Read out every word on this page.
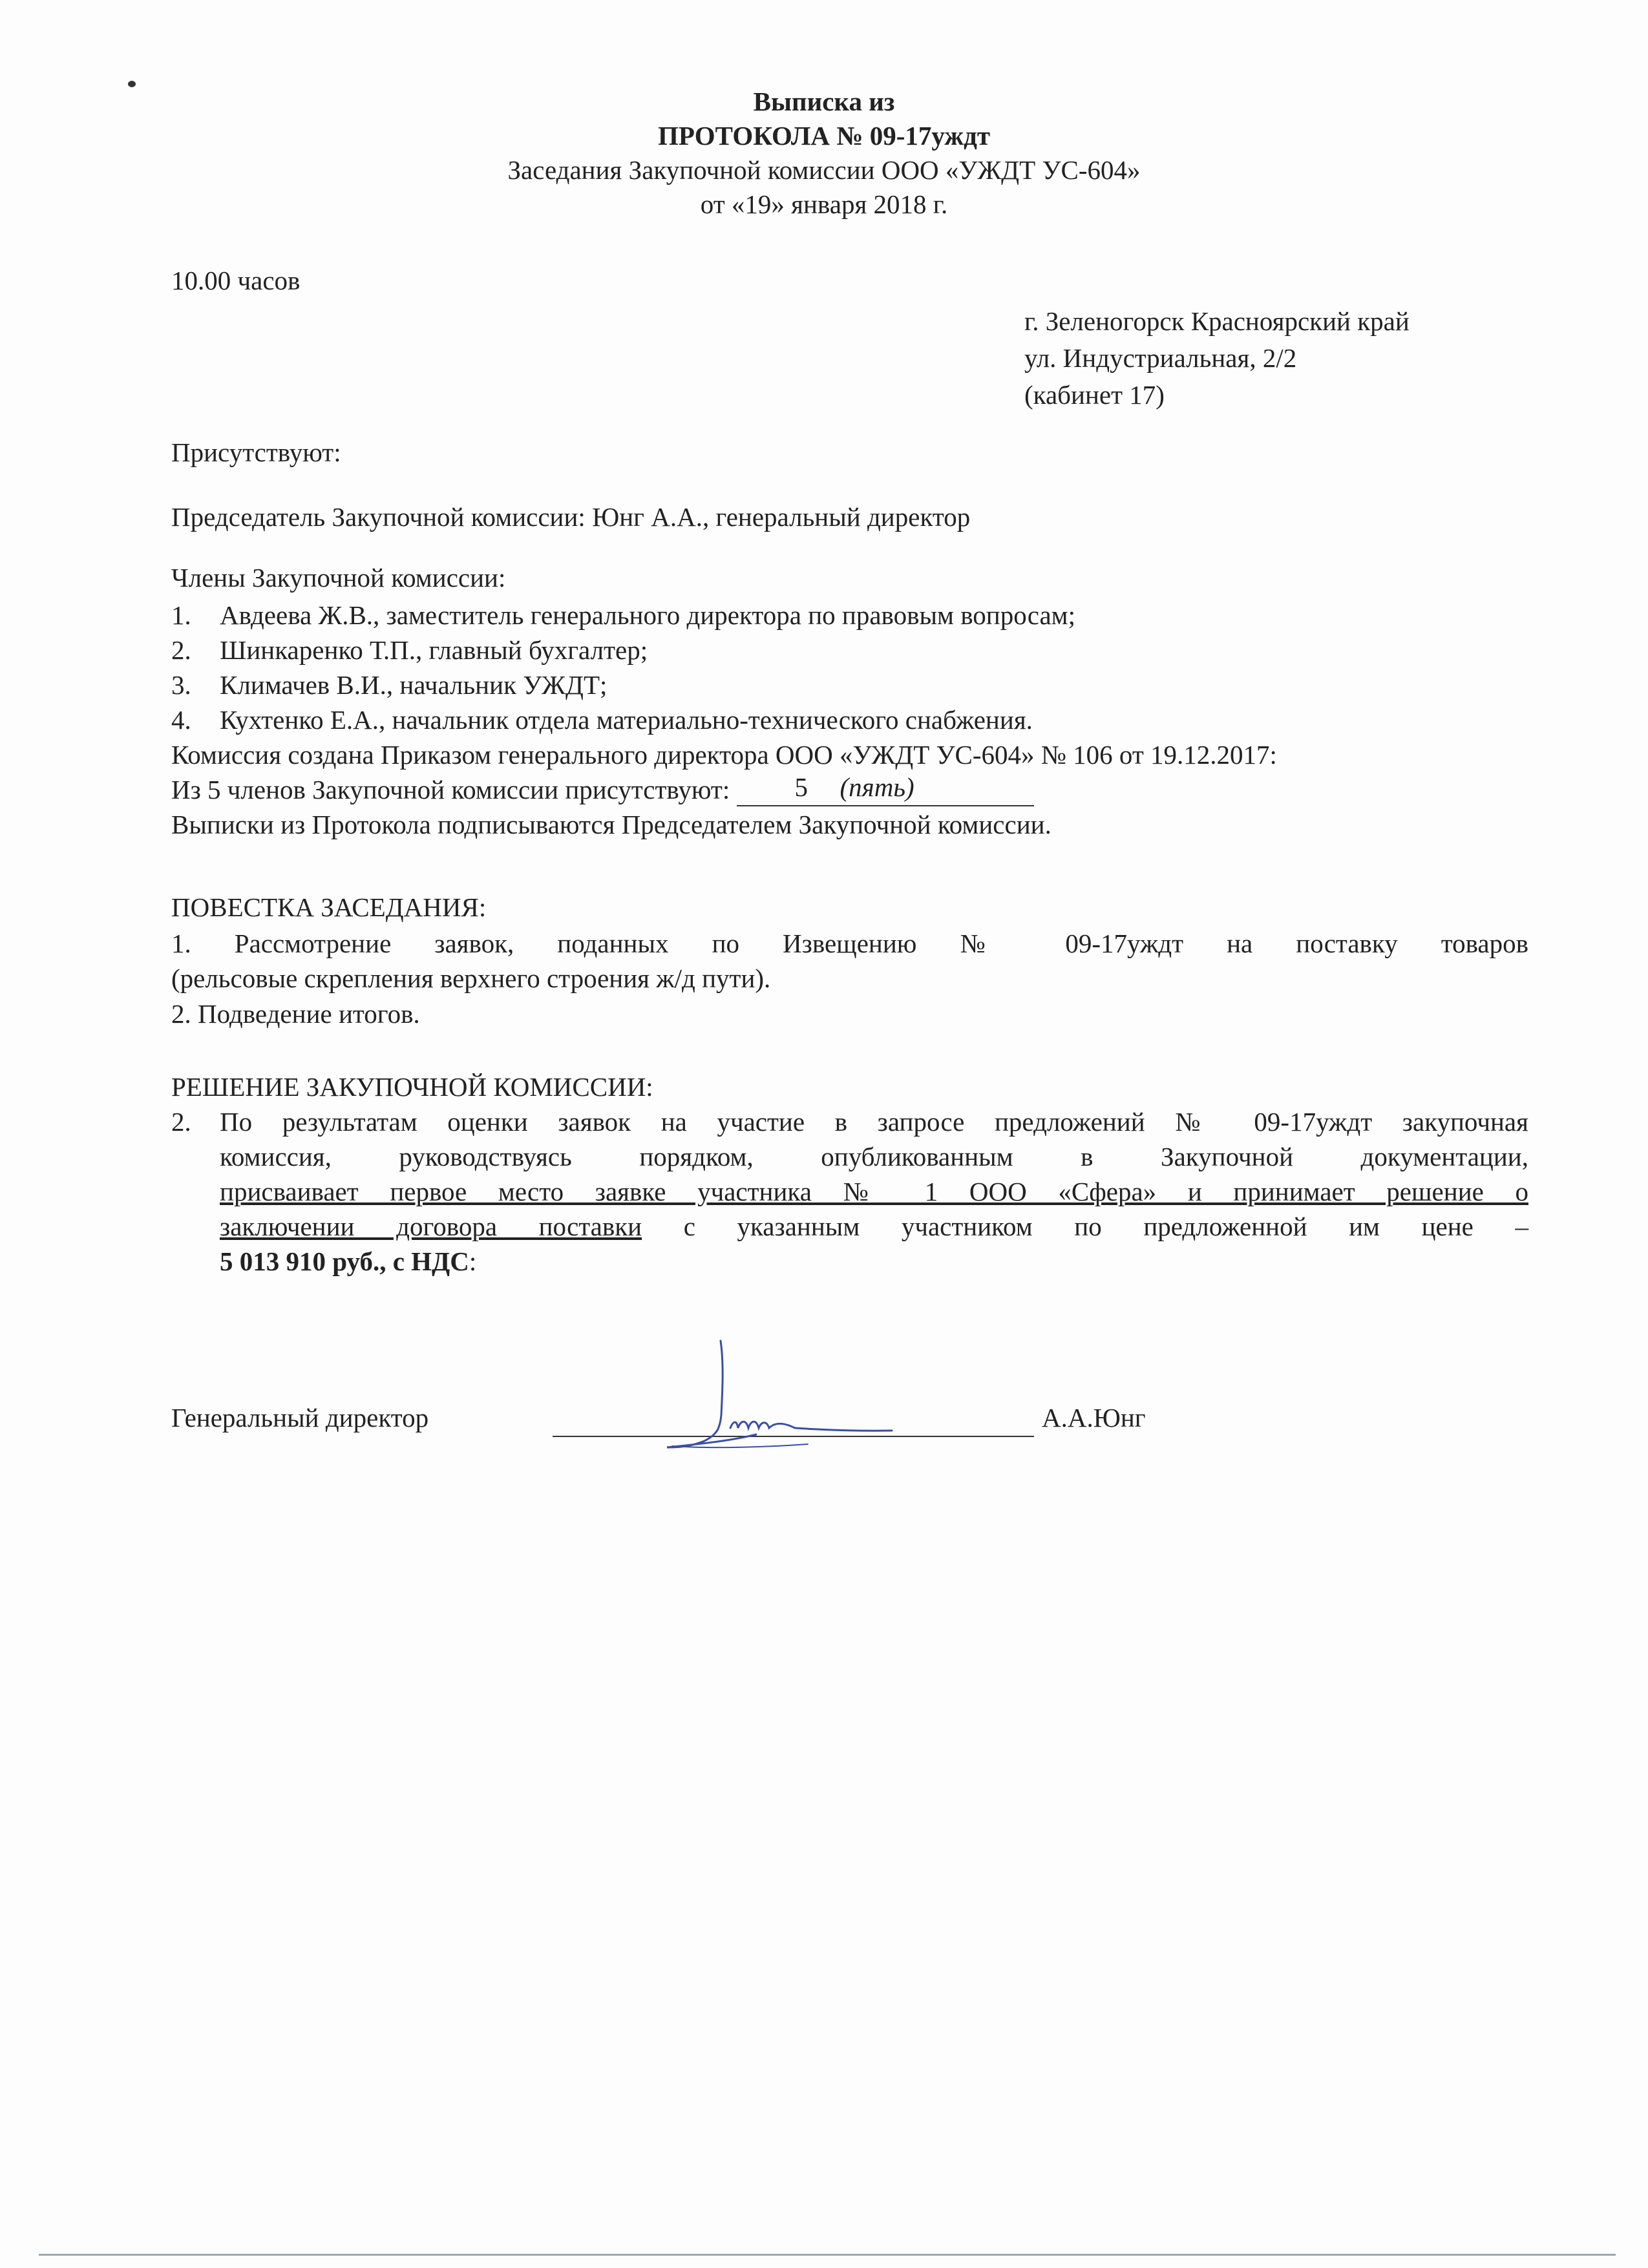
Выписка из
ПРОТОКОЛА № 09-17уждт
Заседания Закупочной комиссии ООО «УЖДТ УС-604»
от «19» января 2018 г.
10.00 часов
г. Зеленогорск Красноярский край
ул. Индустриальная, 2/2
(кабинет 17)
Присутствуют:
Председатель Закупочной комиссии: Юнг А.А., генеральный директор
Члены Закупочной комиссии:
1. Авдеева Ж.В., заместитель генерального директора по правовым вопросам;
2. Шинкаренко Т.П., главный бухгалтер;
3. Климачев В.И., начальник УЖДТ;
4. Кухтенко Е.А., начальник отдела материально-технического снабжения.
Комиссия создана Приказом генерального директора ООО «УЖДТ УС-604» № 106 от 19.12.2017:
Из 5 членов Закупочной комиссии присутствуют: 5 (пять)

Выписки из Протокола подписываются Председателем Закупочной комиссии.
ПОВЕСТКА ЗАСЕДАНИЯ:
1. Рассмотрение заявок, поданных по Извещению № 09-17уждт на поставку товаров
(рельсовые скрепления верхнего строения ж/д пути).
2. Подведение итогов.
РЕШЕНИЕ ЗАКУПОЧНОЙ КОМИССИИ:
2. По результатам оценки заявок на участие в запросе предложений № 09-17уждт закупочная
комиссия, руководствуясь порядком, опубликованным в Закупочной документации,
присваивает первое место заявке участника № 1 ООО «Сфера» и принимает решение о
заключении договора поставки с указанным участником по предложенной им цене –
5 013 910 руб., с НДС:
Генеральный директор	А.А.Юнг
